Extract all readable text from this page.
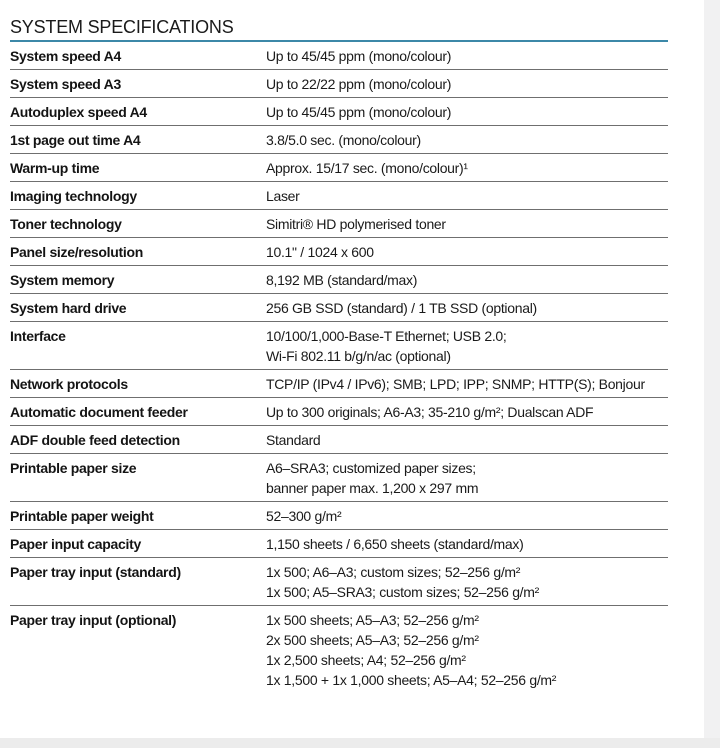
SYSTEM SPECIFICATIONS
System speed A4	Up to 45/45 ppm (mono/colour)
System speed A3	Up to 22/22 ppm (mono/colour)
Autoduplex speed A4	Up to 45/45 ppm (mono/colour)
1st page out time A4	3.8/5.0 sec. (mono/colour)
Warm-up time	Approx. 15/17 sec. (mono/colour)¹
Imaging technology	Laser
Toner technology	Simitri® HD polymerised toner
Panel size/resolution	10.1" / 1024 x 600
System memory	8,192 MB (standard/max)
System hard drive	256 GB SSD (standard) / 1 TB SSD (optional)
Interface	10/100/1,000-Base-T Ethernet; USB 2.0;
Wi-Fi 802.11 b/g/n/ac (optional)
Network protocols	TCP/IP (IPv4 / IPv6); SMB; LPD; IPP; SNMP; HTTP(S); Bonjour
Automatic document feeder	Up to 300 originals; A6-A3; 35-210 g/m²; Dualscan ADF
ADF double feed detection	Standard
Printable paper size	A6–SRA3; customized paper sizes;
banner paper max. 1,200 x 297 mm
Printable paper weight	52–300 g/m²
Paper input capacity	1,150 sheets / 6,650 sheets (standard/max)
Paper tray input (standard)	1x 500; A6–A3; custom sizes; 52–256 g/m²
1x 500; A5–SRA3; custom sizes; 52–256 g/m²
Paper tray input (optional)	1x 500 sheets; A5–A3; 52–256 g/m²
2x 500 sheets; A5–A3; 52–256 g/m²
1x 2,500 sheets; A4; 52–256 g/m²
1x 1,500 + 1x 1,000 sheets; A5–A4; 52–256 g/m²
